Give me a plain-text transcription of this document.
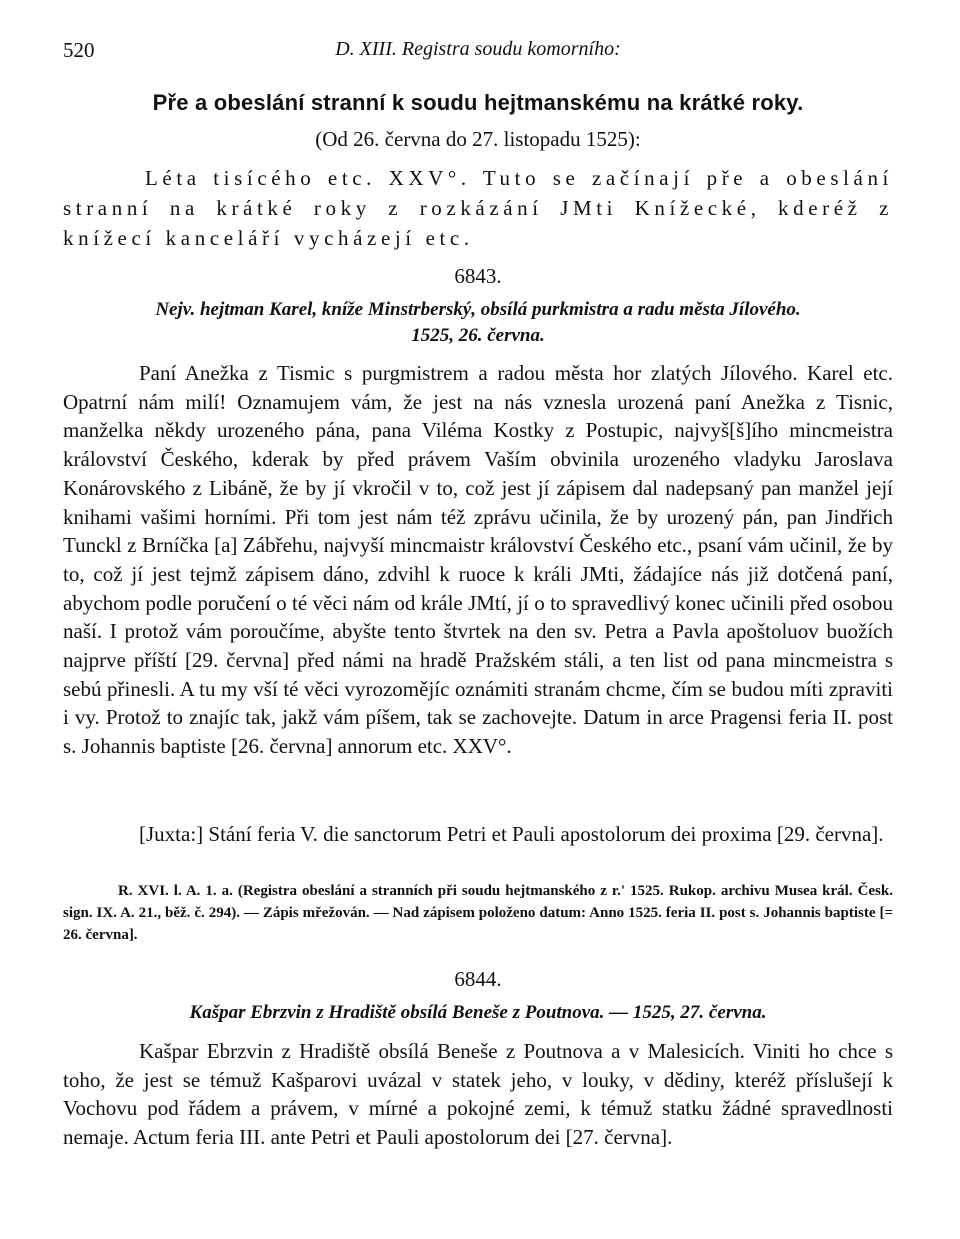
520	D. XIII. Registra soudu komorního:
Pře a obeslání stranní k soudu hejtmanskému na krátké roky.
(Od 26. června do 27. listopadu 1525):

Léta tisícého etc. XXV°. Tuto se začínají pře a obeslání stranní na krátké roky z rozkázání JMti Knížecké, kderéž z knížecí kanceláří vycházejí etc.

6843.

Nejv. hejtman Karel, kníže Minstrberský, obsílá purkmistra a radu města Jílového.
1525, 26. června.

Paní Anežka z Tismic s purgmistrem a radou města hor zlatých Jílového. Karel etc. Opatrní nám milí! Oznamujem vám, že jest na nás vznesla urozená paní Anežka z Tisnic, manželka někdy urozeného pána, pana Viléma Kostky z Postupic, najvyš[š]ího mincmeistra království Českého, kderak by před právem Vaším obvinila urozeného vladyku Jaroslava Konárovského z Libáně, že by jí vkročil v to, což jest jí zápisem dal nadepsaný pan manžel její knihami vašimi horními. Při tom jest nám též zprávu učinila, že by urozený pán, pan Jindřich Tunckl z Brníčka [a] Zábřehu, najvyší mincmaistr království Českého etc., psaní vám učinil, že by to, což jí jest tejmž zápisem dáno, zdvihl k ruoce k králi JMti, žádajíce nás již dotčená paní, abychom podle poručení o té věci nám od krále JMtí, jí o to spravedlivý konec učinili před osobou naší. I protož vám poroučíme, abyšte tento štvrtek na den sv. Petra a Pavla apoštoluov buožích najprve příští [29. června] před námi na hradě Pražském stáli, a ten list od pana mincmeistra s sebú přinesli. A tu my vší té věci vyrozomějíc oznámiti stranám chcme, čím se budou míti zpraviti i vy. Protož to znajíc tak, jakž vám píšem, tak se zachovejte. Datum in arce Pragensi feria II. post s. Johannis baptiste [26. června] annorum etc. XXV°.

[Juxta:] Stání feria V. die sanctorum Petri et Pauli apostolorum dei proxima [29. června].

R. XVI. l. A. 1. a. (Registra obeslání a stranních při soudu hejtmanského z r.' 1525. Rukop. archivu Musea král. Česk. sign. IX. A. 21., běž. č. 294). — Zápis mřežován. — Nad zápisem položeno datum: Anno 1525. feria II. post s. Johannis baptiste [= 26. června].

6844.

Kašpar Ebrzvin z Hradiště obsílá Beneše z Poutnova. — 1525, 27. června.

Kašpar Ebrzvin z Hradiště obsílá Beneše z Poutnova a v Malesicích. Viniti ho chce s toho, že jest se témuž Kašparovi uvázal v statek jeho, v louky, v dědiny, kteréž příslušejí k Vochovu pod řádem a právem, v mírné a pokojné zemi, k témuž statku žádné spravedlnosti nemaje. Actum feria III. ante Petri et Pauli apostolorum dei [27. června].
